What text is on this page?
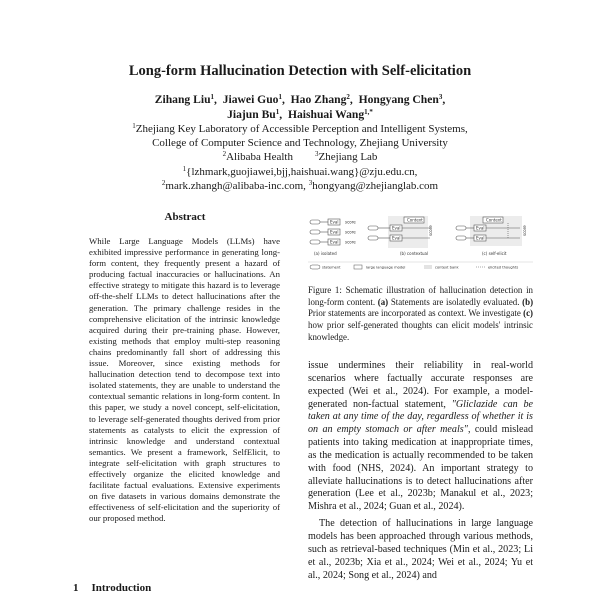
Long-form Hallucination Detection with Self-elicitation
Zihang Liu$^1$,  Jiawei Guo$^1$,  Hao Zhang$^2$,  Hongyang Chen$^3$,
Jiajun Bu$^1$,  Haishuai Wang$^{1,*}$
$^1$Zhejiang Key Laboratory of Accessible Perception and Intelligent Systems,
College of Computer Science and Technology, Zhejiang University
$^2$Alibaba Health	$^3$Zhejiang Lab
$^1${lzhmark,guojiawei,bjj,haishuai.wang}@zju.edu.cn,
$^2$mark.zhangh@alibaba-inc.com, $^3$hongyang@zhejianglab.com
Abstract
While Large Language Models (LLMs) have exhibited impressive performance in generating long-form content, they frequently present a hazard of producing factual inaccuracies or hallucinations. An effective strategy to mitigate this hazard is to leverage off-the-shelf LLMs to detect hallucinations after the generation. The primary challenge resides in the comprehensive elicitation of the intrinsic knowledge acquired during their pre-training phase. However, existing methods that employ multi-step reasoning chains predominantly fall short of addressing this issue. Moreover, since existing methods for hallucination detection tend to decompose text into isolated statements, they are unable to understand the contextual semantic relations in long-form content. In this paper, we study a novel concept, self-elicitation, to leverage self-generated thoughts derived from prior statements as catalysts to elicit the expression of intrinsic knowledge and understand contextual semantics. We present a framework, SelfElicit, to integrate self-elicitation with graph structures to effectively organize the elicited knowledge and facilitate factual evaluations. Extensive experiments on five datasets in various domains demonstrate the effectiveness of self-elicitation and the superiority of our proposed method.
1 Introduction
Eval score
Eval score
Eval score
(a) isolated
Context
Eval
Eval
score
(b) contextual
Context
Eval
Eval
score
(c) self-elicit
statement	large language model	context bank	elicited thoughts
Figure 1: Schematic illustration of hallucination detection in long-form content. (a) Statements are isolatedly evaluated. (b) Prior statements are incorporated as context. We investigate (c) how prior self-generated thoughts can elicit models' intrinsic knowledge.

issue undermines their reliability in real-world scenarios where factually accurate responses are expected (Wei et al., 2024). For example, a model-generated non-factual statement, "Gliclazide can be taken at any time of the day, regardless of whether it is on an empty stomach or after meals", could mislead patients into taking medication at inappropriate times, as the medication is actually recommended to be taken with food (NHS, 2024). An important strategy to alleviate hallucinations is to detect hallucinations after generation (Lee et al., 2023b; Manakul et al., 2023; Mishra et al., 2024; Guan et al., 2024).

The detection of hallucinations in large language models has been approached through various methods, such as retrieval-based techniques (Min et al., 2023; Li et al., 2023b; Xia et al., 2024; Wei et al., 2024; Yu et al., 2024; Song et al., 2024) and
